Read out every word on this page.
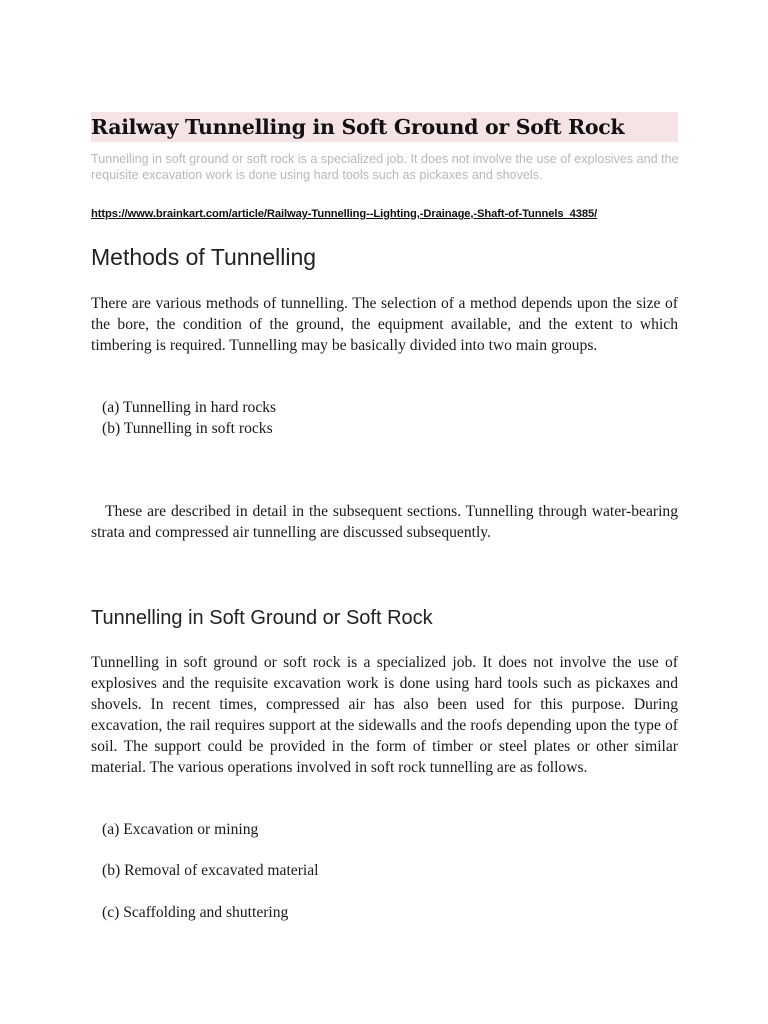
Railway Tunnelling in Soft Ground or Soft Rock

Tunnelling in soft ground or soft rock is a specialized job. It does not involve the use of explosives and the requisite excavation work is done using hard tools such as pickaxes and shovels.

https://www.brainkart.com/article/Railway-Tunnelling--Lighting,-Drainage,-Shaft-of-Tunnels_4385/
Methods of Tunnelling

There are various methods of tunnelling. The selection of a method depends upon the size of the bore, the condition of the ground, the equipment available, and the extent to which timbering is required. Tunnelling may be basically divided into two main groups.

(a) Tunnelling in hard rocks

(b) Tunnelling in soft rocks

These are described in detail in the subsequent sections. Tunnelling through water-bearing strata and compressed air tunnelling are discussed subsequently.

Tunnelling in Soft Ground or Soft Rock

Tunnelling in soft ground or soft rock is a specialized job. It does not involve the use of explosives and the requisite excavation work is done using hard tools such as pickaxes and shovels. In recent times, compressed air has also been used for this purpose. During excavation, the rail requires support at the sidewalls and the roofs depending upon the type of soil. The support could be provided in the form of timber or steel plates or other similar material. The various operations involved in soft rock tunnelling are as follows.

(a) Excavation or mining

(b) Removal of excavated material

(c) Scaffolding and shuttering
